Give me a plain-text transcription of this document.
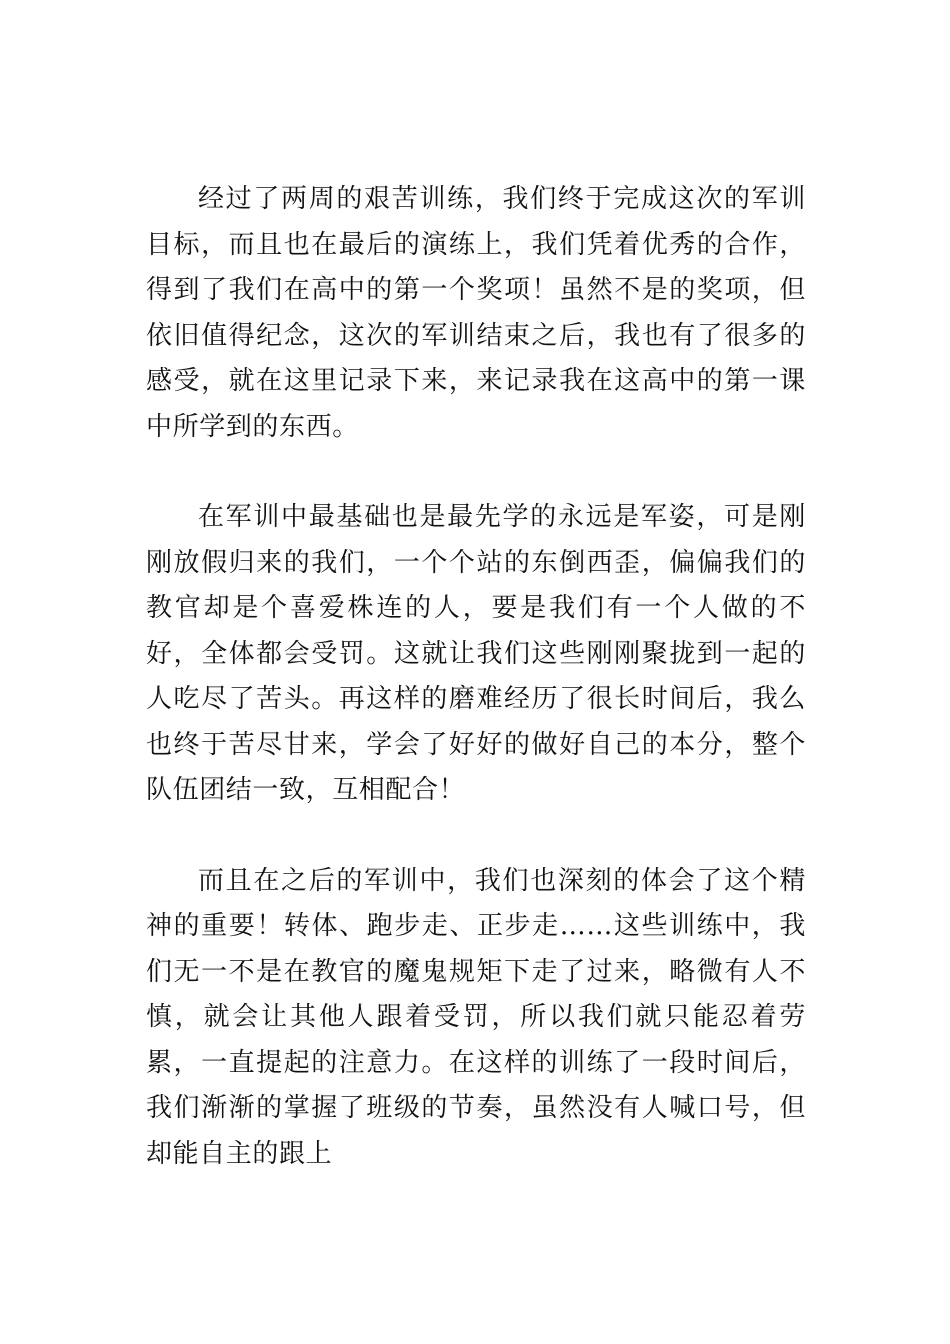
经过了两周的艰苦训练，我们终于完成这次的军训目标，而且也在最后的演练上，我们凭着优秀的合作，得到了我们在高中的第一个奖项！虽然不是的奖项，但依旧值得纪念，这次的军训结束之后，我也有了很多的感受，就在这里记录下来，来记录我在这高中的第一课中所学到的东西。

在军训中最基础也是最先学的永远是军姿，可是刚刚放假归来的我们，一个个站的东倒西歪，偏偏我们的教官却是个喜爱株连的人，要是我们有一个人做的不好，全体都会受罚。这就让我们这些刚刚聚拢到一起的人吃尽了苦头。再这样的磨难经历了很长时间后，我么也终于苦尽甘来，学会了好好的做好自己的本分，整个队伍团结一致，互相配合！

而且在之后的军训中，我们也深刻的体会了这个精神的重要！转体、跑步走、正步走……这些训练中，我们无一不是在教官的魔鬼规矩下走了过来，略微有人不慎，就会让其他人跟着受罚，所以我们就只能忍着劳累，一直提起的注意力。在这样的训练了一段时间后，我们渐渐的掌握了班级的节奏，虽然没有人喊口号，但却能自主的跟上
